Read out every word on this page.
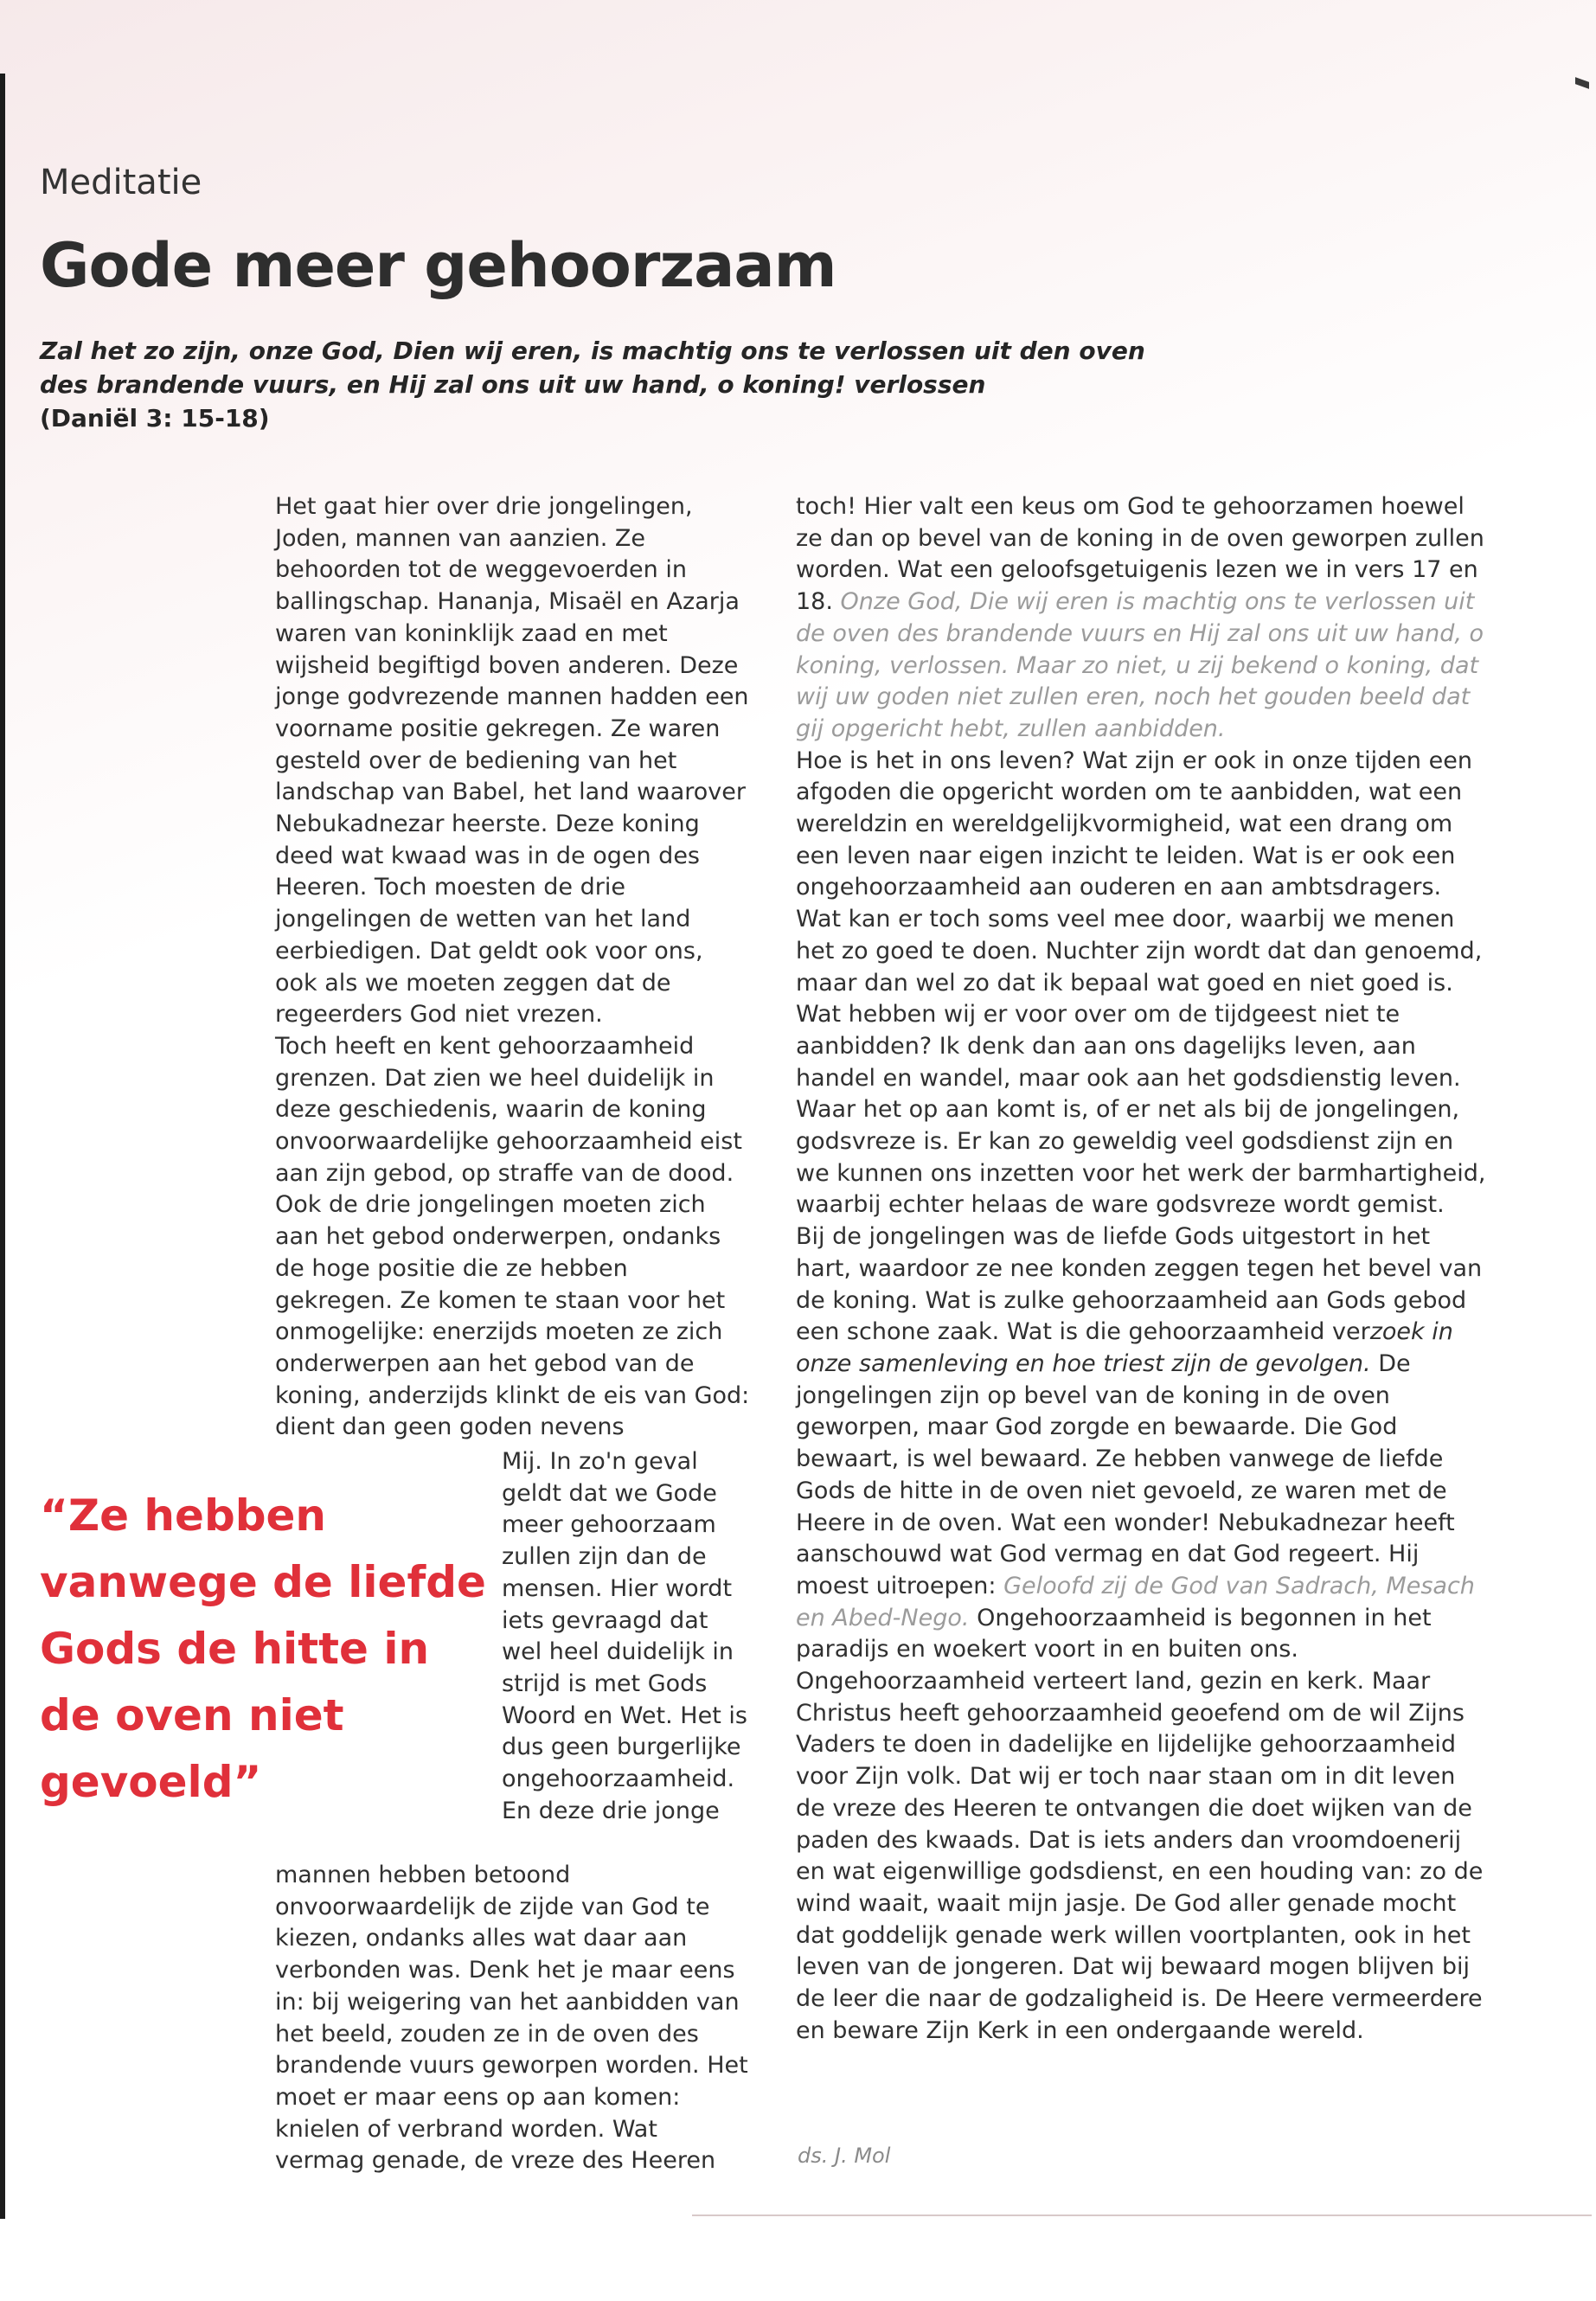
Meditatie
Gode meer gehoorzaam
Zal het zo zijn, onze God, Dien wij eren, is machtig ons te verlossen uit den oven des brandende vuurs, en Hij zal ons uit uw hand, o koning! verlossen
(Daniël 3: 15-18)

Het gaat hier over drie jongelingen, Joden, mannen van aanzien. Ze behoorden tot de weggevoerden in ballingschap. Hananja, Misaël en Azarja waren van koninklijk zaad en met wijsheid begiftigd boven anderen. Deze jonge godvrezende mannen hadden een voorname positie gekregen. Ze waren gesteld over de bediening van het landschap van Babel, het land waarover Nebukadnezar heerste. Deze koning deed wat kwaad was in de ogen des Heeren. Toch moesten de drie jongelingen de wetten van het land eerbiedigen. Dat geldt ook voor ons, ook als we moeten zeggen dat de regeerders God niet vrezen.

Toch heeft en kent gehoorzaamheid grenzen. Dat zien we heel duidelijk in deze geschiedenis, waarin de koning onvoorwaardelijke gehoorzaamheid eist aan zijn gebod, op straffe van de dood. Ook de drie jongelingen moeten zich aan het gebod onderwerpen, ondanks de hoge positie die ze hebben gekregen. Ze komen te staan voor het onmogelijke: enerzijds moeten ze zich onderwerpen aan het gebod van de koning, anderzijds klinkt de eis van God: dient dan geen goden nevens

“Ze hebben vanwege de liefde Gods de hitte in de oven niet gevoeld”

Mij. In zo'n geval geldt dat we Gode meer gehoorzaam zullen zijn dan de mensen. Hier wordt iets gevraagd dat wel heel duidelijk in strijd is met Gods Woord en Wet. Het is dus geen burgerlijke ongehoorzaamheid.

En deze drie jonge

mannen hebben betoond onvoorwaardelijk de zijde van God te kiezen, ondanks alles wat daar aan verbonden was. Denk het je maar eens in: bij weigering van het aanbidden van het beeld, zouden ze in de oven des brandende vuurs geworpen worden. Het moet er maar eens op aan komen: knielen of verbrand worden. Wat vermag genade, de vreze des Heeren

toch! Hier valt een keus om God te gehoorzamen hoewel ze dan op bevel van de koning in de oven geworpen zullen worden. Wat een geloofsgetuigenis lezen we in vers 17 en 18. Onze God, Die wij eren is machtig ons te verlossen uit de oven des brandende vuurs en Hij zal ons uit uw hand, o koning, verlossen. Maar zo niet, u zij bekend o koning, dat wij uw goden niet zullen eren, noch het gouden beeld dat gij opgericht hebt, zullen aanbidden.

Hoe is het in ons leven? Wat zijn er ook in onze tijden een afgoden die opgericht worden om te aanbidden, wat een wereldzin en wereldgelijkvormigheid, wat een drang om een leven naar eigen inzicht te leiden. Wat is er ook een ongehoorzaamheid aan ouderen en aan ambtsdragers. Wat kan er toch soms veel mee door, waarbij we menen het zo goed te doen. Nuchter zijn wordt dat dan genoemd, maar dan wel zo dat ik bepaal wat goed en niet goed is. Wat hebben wij er voor over om de tijdgeest niet te aanbidden? Ik denk dan aan ons dagelijks leven, aan handel en wandel, maar ook aan het godsdienstig leven. Waar het op aan komt is, of er net als bij de jongelingen, godsvreze is. Er kan zo geweldig veel godsdienst zijn en we kunnen ons inzetten voor het werk der barmhartigheid, waarbij echter helaas de ware godsvreze wordt gemist.

Bij de jongelingen was de liefde Gods uitgestort in het hart, waardoor ze nee konden zeggen tegen het bevel van de koning. Wat is zulke gehoorzaamheid aan Gods gebod een schone zaak. Wat is die gehoorzaamheid verzoek in onze samenleving en hoe triest zijn de gevolgen. De jongelingen zijn op bevel van de koning in de oven geworpen, maar God zorgde en bewaarde. Die God bewaart, is wel bewaard. Ze hebben vanwege de liefde Gods de hitte in de oven niet gevoeld, ze waren met de Heere in de oven. Wat een wonder! Nebukadnezar heeft aanschouwd wat God vermag en dat God regeert. Hij moest uitroepen: Geloofd zij de God van Sadrach, Mesach en Abed-Nego. Ongehoorzaamheid is begonnen in het paradijs en woekert voort in en buiten ons. Ongehoorzaamheid verteert land, gezin en kerk. Maar Christus heeft gehoorzaamheid geoefend om de wil Zijns Vaders te doen in dadelijke en lijdelijke gehoorzaamheid voor Zijn volk. Dat wij er toch naar staan om in dit leven de vreze des Heeren te ontvangen die doet wijken van de paden des kwaads. Dat is iets anders dan vroomdoenerij en wat eigenwillige godsdienst, en een houding van: zo de wind waait, waait mijn jasje. De God aller genade mocht dat goddelijk genade werk willen voortplanten, ook in het leven van de jongeren. Dat wij bewaard mogen blijven bij de leer die naar de godzaligheid is. De Heere vermeerdere en beware Zijn Kerk in een ondergaande wereld.

ds. J. Mol
